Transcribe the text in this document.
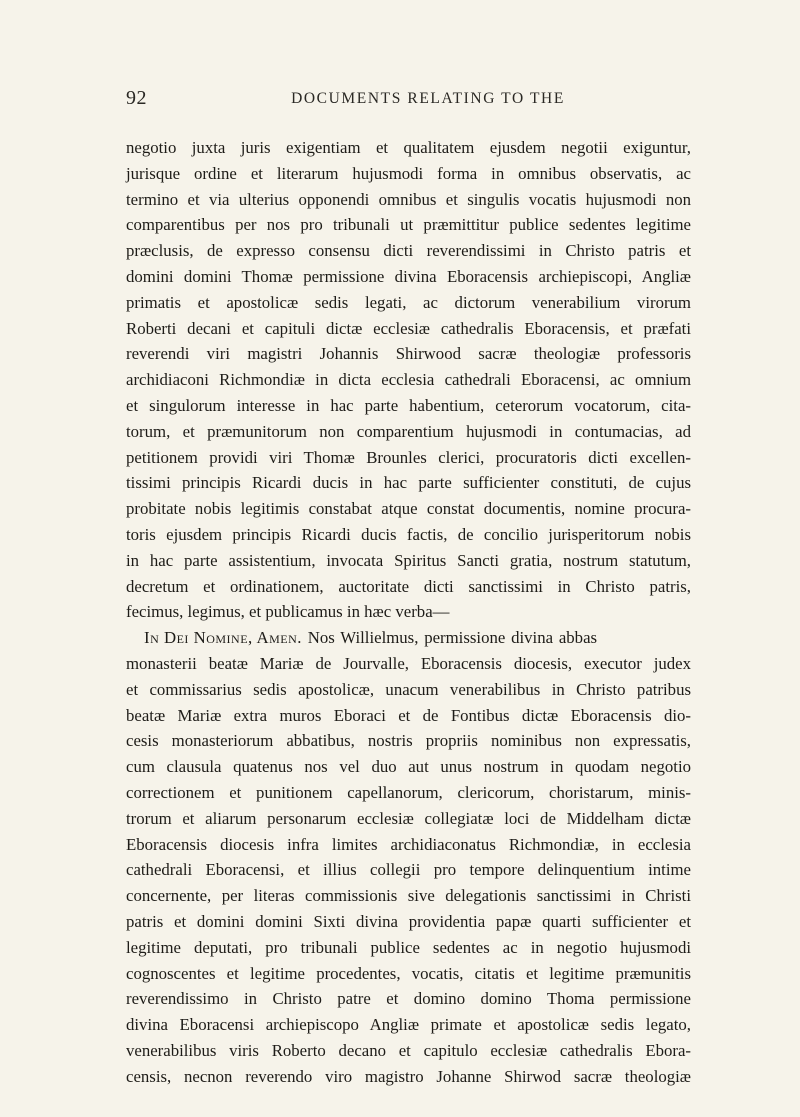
92	DOCUMENTS RELATING TO THE
negotio juxta juris exigentiam et qualitatem ejusdem negotii exiguntur,
jurisque ordine et literarum hujusmodi forma in omnibus observatis, ac
termino et via ulterius opponendi omnibus et singulis vocatis hujusmodi non
comparentibus per nos pro tribunali ut præmittitur publice sedentes legitime
præclusis, de expresso consensu dicti reverendissimi in Christo patris et
domini domini Thomæ permissione divina Eboracensis archiepiscopi, Angliæ
primatis et apostolicæ sedis legati, ac dictorum venerabilium virorum
Roberti decani et capituli dictæ ecclesiæ cathedralis Eboracensis, et præfati
reverendi viri magistri Johannis Shirwood sacræ theologiæ professoris
archidiaconi Richmondiæ in dicta ecclesia cathedrali Eboracensi, ac omnium
et singulorum interesse in hac parte habentium, ceterorum vocatorum, cita-
torum, et præmunitorum non comparentium hujusmodi in contumacias, ad
petitionem providi viri Thomæ Brounles clerici, procuratoris dicti excellen-
tissimi principis Ricardi ducis in hac parte sufficienter constituti, de cujus
probitate nobis legitimis constabat atque constat documentis, nomine procura-
toris ejusdem principis Ricardi ducis factis, de concilio jurisperitorum nobis
in hac parte assistentium, invocata Spiritus Sancti gratia, nostrum statutum,
decretum et ordinationem, auctoritate dicti sanctissimi in Christo patris,
fecimus, legimus, et publicamus in hæc verba—
In Dei Nomine, Amen. Nos Willielmus, permissione divina abbas
monasterii beatæ Mariæ de Jourvalle, Eboracensis diocesis, executor judex
et commissarius sedis apostolicæ, unacum venerabilibus in Christo patribus
beatæ Mariæ extra muros Eboraci et de Fontibus dictæ Eboracensis dio-
cesis monasteriorum abbatibus, nostris propriis nominibus non expressatis,
cum clausula quatenus nos vel duo aut unus nostrum in quodam negotio
correctionem et punitionem capellanorum, clericorum, choristarum, minis-
trorum et aliarum personarum ecclesiæ collegiatæ loci de Middelham dictæ
Eboracensis diocesis infra limites archidiaconatus Richmondiæ, in ecclesia
cathedrali Eboracensi, et illius collegii pro tempore delinquentium intime
concernente, per literas commissionis sive delegationis sanctissimi in Christi
patris et domini domini Sixti divina providentia papæ quarti sufficienter et
legitime deputati, pro tribunali publice sedentes ac in negotio hujusmodi
cognoscentes et legitime procedentes, vocatis, citatis et legitime præmunitis
reverendissimo in Christo patre et domino domino Thoma permissione
divina Eboracensi archiepiscopo Angliæ primate et apostolicæ sedis legato,
venerabilibus viris Roberto decano et capitulo ecclesiæ cathedralis Ebora-
censis, necnon reverendo viro magistro Johanne Shirwod sacræ theologiæ
